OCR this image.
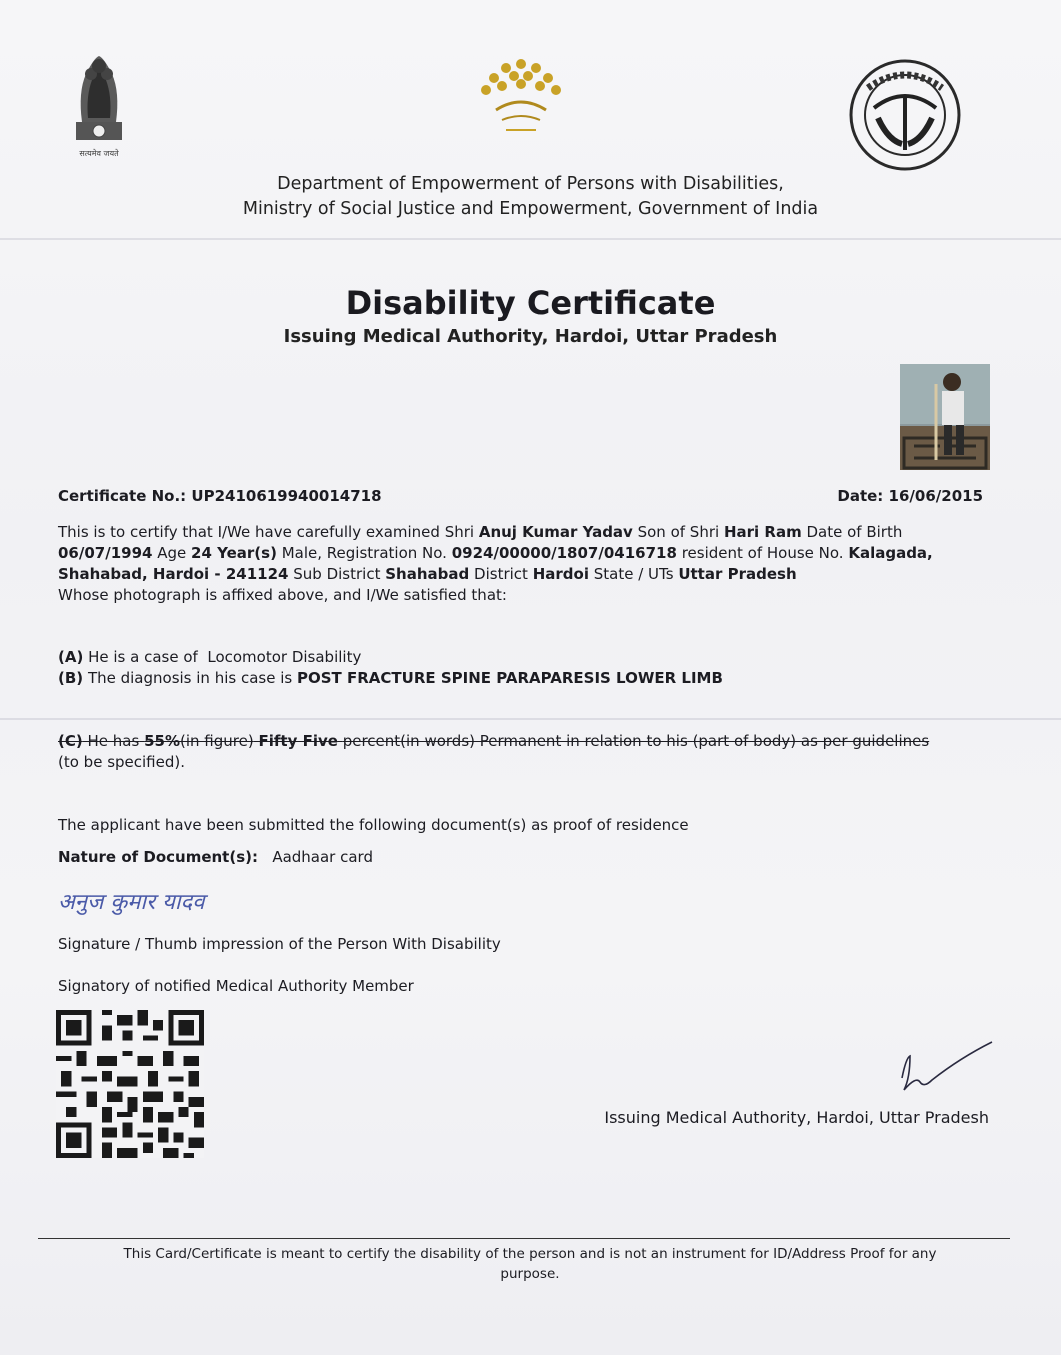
सत्यमेव जयते
Department of Empowerment of Persons with Disabilities,
Ministry of Social Justice and Empowerment, Government of India
Disability Certificate
Issuing Medical Authority, Hardoi, Uttar Pradesh
Certificate No.: UP2410619940014718	Date: 16/06/2015
This is to certify that I/We have carefully examined Shri Anuj Kumar Yadav Son of Shri Hari Ram Date of Birth 06/07/1994 Age 24 Year(s) Male, Registration No. 0924/00000/1807/0416718 resident of House No. Kalagada, Shahabad, Hardoi - 241124 Sub District Shahabad District Hardoi State / UTs Uttar Pradesh
Whose photograph is affixed above, and I/We satisfied that:
(A) He is a case of Locomotor Disability
(B) The diagnosis in his case is POST FRACTURE SPINE PARAPARESIS LOWER LIMB
(C) He has 55%(in figure) Fifty Five percent(in words) Permanent in relation to his (part of body) as per guidelines
(to be specified).
The applicant have been submitted the following document(s) as proof of residence
Nature of Document(s): Aadhaar card
अनुज कुमार यादव
Signature / Thumb impression of the Person With Disability
Signatory of notified Medical Authority Member
Issuing Medical Authority, Hardoi, Uttar Pradesh
This Card/Certificate is meant to certify the disability of the person and is not an instrument for ID/Address Proof for any
purpose.
